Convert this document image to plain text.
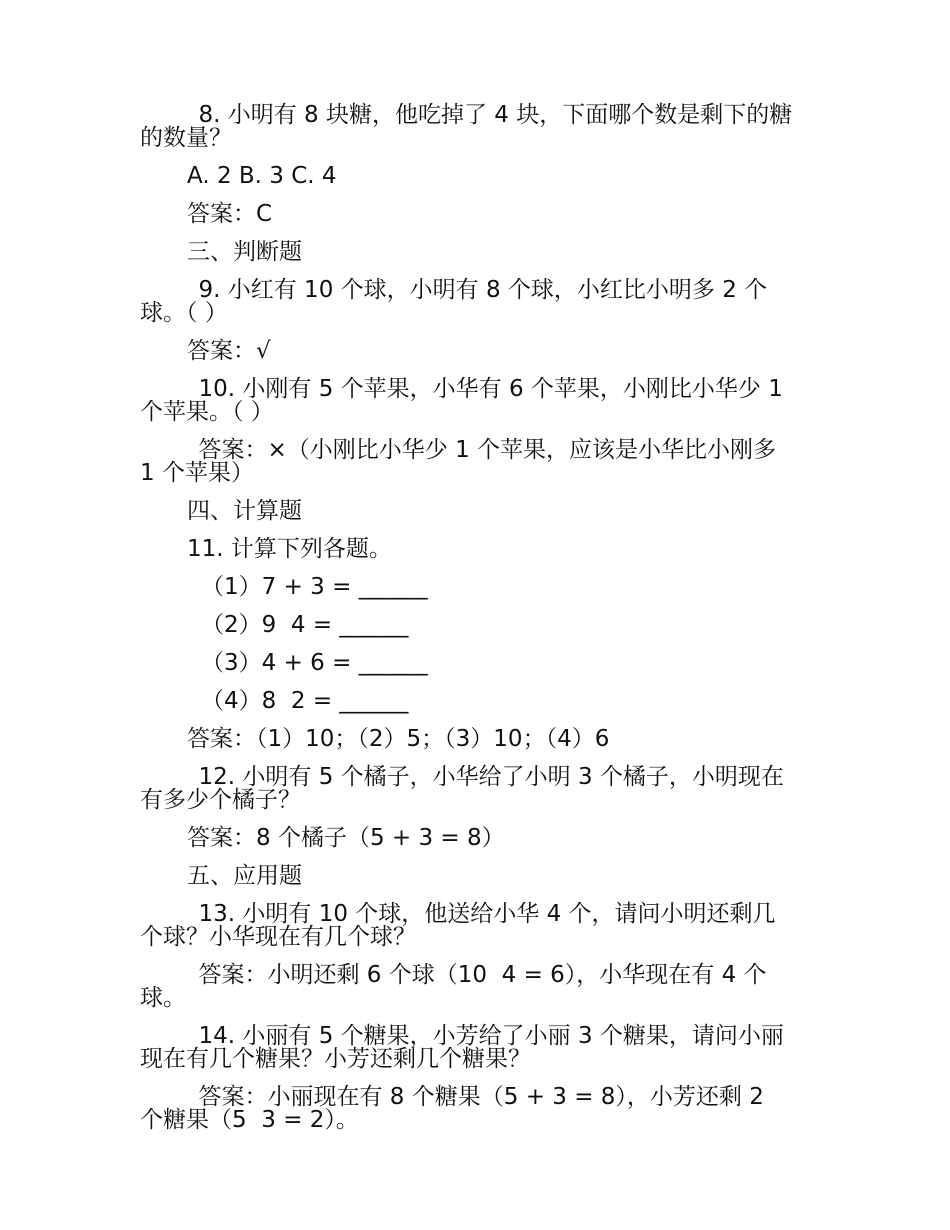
8. 小明有 8 块糖，他吃掉了 4 块，下面哪个数是剩下的糖
的数量？
A. 2 B. 3 C. 4
答案：C
三、判断题
9. 小红有 10 个球，小明有 8 个球，小红比小明多 2 个
球。（ ）
答案：√
10. 小刚有 5 个苹果，小华有 6 个苹果，小刚比小华少 1
个苹果。（ ）
答案：×（小刚比小华少 1 个苹果，应该是小华比小刚多
1 个苹果）
四、计算题
11. 计算下列各题。
（1）7 + 3 = ______
（2）9  4 = ______
（3）4 + 6 = ______
（4）8  2 = ______
答案：（1）10；（2）5；（3）10；（4）6
12. 小明有 5 个橘子，小华给了小明 3 个橘子，小明现在
有多少个橘子？
答案：8 个橘子（5 + 3 = 8）
五、应用题
13. 小明有 10 个球，他送给小华 4 个，请问小明还剩几
个球？小华现在有几个球？
答案：小明还剩 6 个球（10  4 = 6），小华现在有 4 个
球。
14. 小丽有 5 个糖果，小芳给了小丽 3 个糖果，请问小丽
现在有几个糖果？小芳还剩几个糖果？
答案：小丽现在有 8 个糖果（5 + 3 = 8），小芳还剩 2
个糖果（5  3 = 2）。
